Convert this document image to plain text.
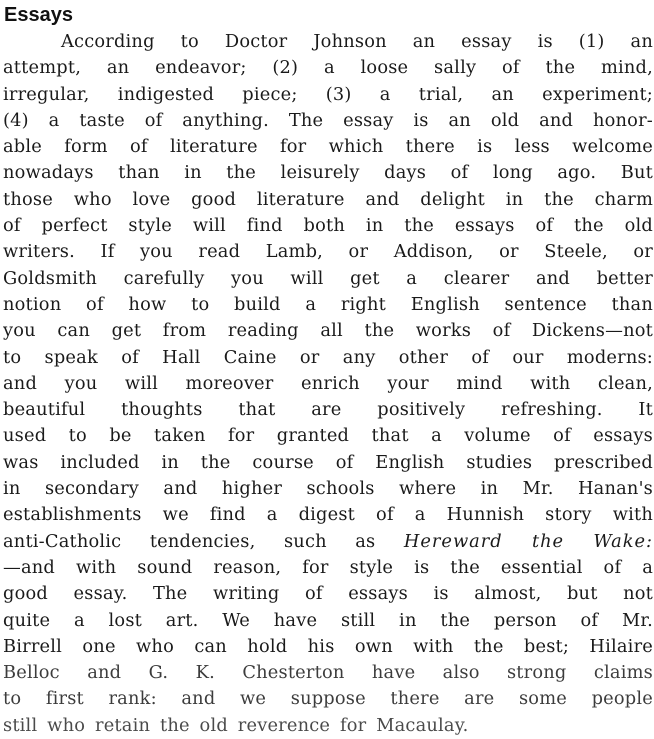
Essays
According to Doctor Johnson an essay is (1) an
attempt, an endeavor; (2) a loose sally of the mind,
irregular, indigested piece; (3) a trial, an experiment;
(4) a taste of anything. The essay is an old and honor-
able form of literature for which there is less welcome
nowadays than in the leisurely days of long ago. But
those who love good literature and delight in the charm
of perfect style will find both in the essays of the old
writers. If you read Lamb, or Addison, or Steele, or
Goldsmith carefully you will get a clearer and better
notion of how to build a right English sentence than
you can get from reading all the works of Dickens—not
to speak of Hall Caine or any other of our moderns:
and you will moreover enrich your mind with clean,
beautiful thoughts that are positively refreshing. It
used to be taken for granted that a volume of essays
was included in the course of English studies prescribed
in secondary and higher schools where in Mr. Hanan's
establishments we find a digest of a Hunnish story with
anti-Catholic tendencies, such as Hereward the Wake:
—and with sound reason, for style is the essential of a
good essay. The writing of essays is almost, but not
quite a lost art. We have still in the person of Mr.
Birrell one who can hold his own with the best; Hilaire
Belloc and G. K. Chesterton have also strong claims
to first rank: and we suppose there are some people
still who retain the old reverence for Macaulay.
